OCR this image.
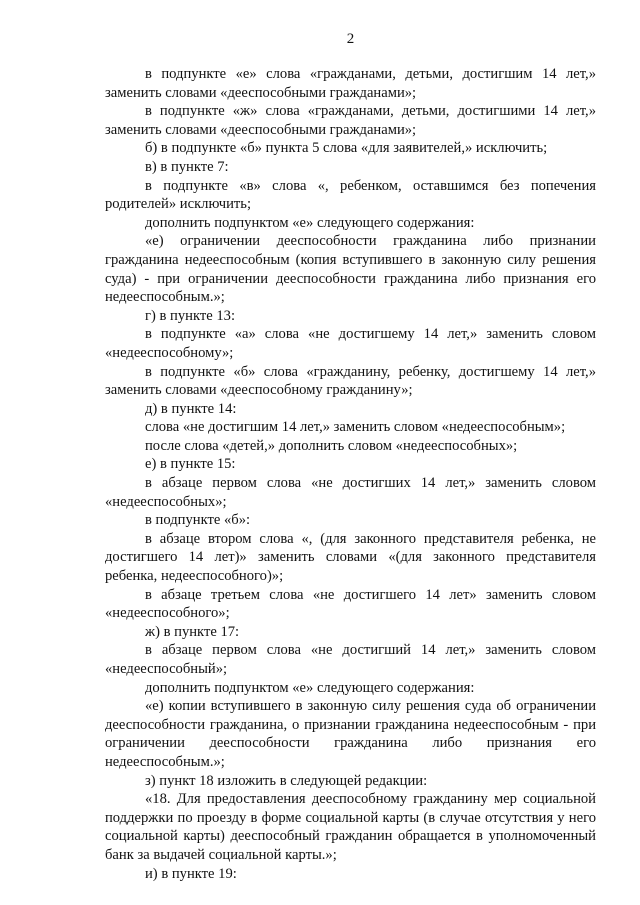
2

в подпункте «е» слова «гражданами, детьми, достигшим 14 лет,» заменить словами «дееспособными гражданами»;

в подпункте «ж» слова «гражданами, детьми, достигшими 14 лет,» заменить словами «дееспособными гражданами»;

б) в подпункте «б» пункта 5 слова «для заявителей,» исключить;

в) в пункте 7:

в подпункте «в» слова «, ребенком, оставшимся без попечения родителей» исключить;

дополнить подпунктом «е» следующего содержания:

«е) ограничении дееспособности гражданина либо признании гражданина недееспособным (копия вступившего в законную силу решения суда) - при ограничении дееспособности гражданина либо признания его недееспособным.»;

г) в пункте 13:

в подпункте «а» слова «не достигшему 14 лет,» заменить словом «недееспособному»;

в подпункте «б» слова «гражданину, ребенку, достигшему 14 лет,» заменить словами «дееспособному гражданину»;

д) в пункте 14:

слова «не достигшим 14 лет,» заменить словом «недееспособным»;

после слова «детей,» дополнить словом «недееспособных»;

е) в пункте 15:

в абзаце первом слова «не достигших 14 лет,» заменить словом «недееспособных»;

в подпункте «б»:

в абзаце втором слова «, (для законного представителя ребенка, не достигшего 14 лет)» заменить словами «(для законного представителя ребенка, недееспособного)»;

в абзаце третьем слова «не достигшего 14 лет» заменить словом «недееспособного»;

ж) в пункте 17:

в абзаце первом слова «не достигший 14 лет,» заменить словом «недееспособный»;

дополнить подпунктом «е» следующего содержания:

«е) копии вступившего в законную силу решения суда об ограничении дееспособности гражданина, о признании гражданина недееспособным - при ограничении дееспособности гражданина либо признания его недееспособным.»;

з) пункт 18 изложить в следующей редакции:

«18. Для предоставления дееспособному гражданину мер социальной поддержки по проезду в форме социальной карты (в случае отсутствия у него социальной карты) дееспособный гражданин обращается в уполномоченный банк за выдачей социальной карты.»;

и) в пункте 19:
